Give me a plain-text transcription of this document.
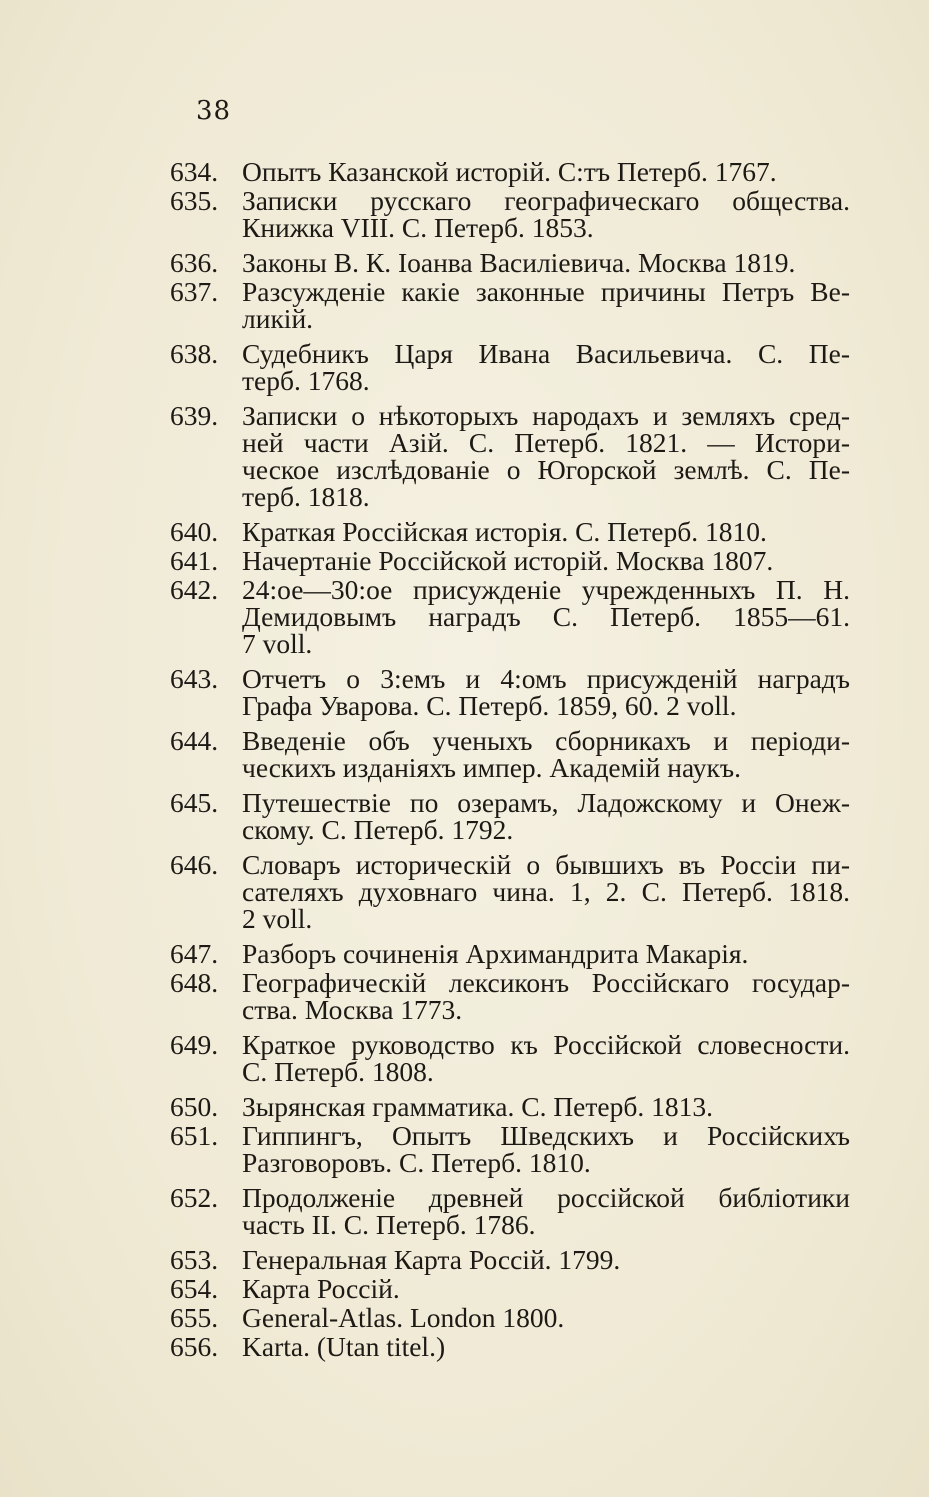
38
634. Опытъ Казанской исторій. С:тъ Петерб. 1767.
635. Записки русскаго географическаго общества.
Книжка VIII. С. Петерб. 1853.
636. Законы В. К. Іоанва Василіевича. Москва 1819.
637. Разсужденіе какіе законные причины Петръ Ве-
ликій.
638. Судебникъ Царя Ивана Васильевича. С. Пе-
терб. 1768.
639. Записки о нѣкоторыхъ народахъ и земляхъ сред-
ней части Азій. С. Петерб. 1821. — Истори-
ческое изслѣдованіе о Югорской землѣ. С. Пе-
терб. 1818.
640. Краткая Россійская исторія. С. Петерб. 1810.
641. Начертаніе Россійской исторій. Москва 1807.
642. 24:ое—30:ое присужденіе учрежденныхъ П. Н.
Демидовымъ наградъ С. Петерб. 1855—61.
7 voll.
643. Отчетъ о 3:емъ и 4:омъ присужденій наградъ
Графа Уварова. С. Петерб. 1859, 60. 2 voll.
644. Введеніе объ ученыхъ сборникахъ и періоди-
ческихъ изданіяхъ импер. Академій наукъ.
645. Путешествіе по озерамъ, Ладожскому и Онеж-
скому. С. Петерб. 1792.
646. Словаръ историческій о бывшихъ въ Россіи пи-
сателяхъ духовнаго чина. 1, 2. С. Петерб. 1818.
2 voll.
647. Разборъ сочиненія Архимандрита Макарія.
648. Географическій лексиконъ Россійскаго государ-
ства. Москва 1773.
649. Краткое руководство къ Россійской словесности.
С. Петерб. 1808.
650. Зырянская грамматика. С. Петерб. 1813.
651. Гиппингъ, Опытъ Шведскихъ и Россійскихъ
Разговоровъ. С. Петерб. 1810.
652. Продолженіе древней россійской библіотики
часть II. С. Петерб. 1786.
653. Генеральная Карта Россій. 1799.
654. Карта Россій.
655. General-Atlas. London 1800.
656. Karta. (Utan titel.)
